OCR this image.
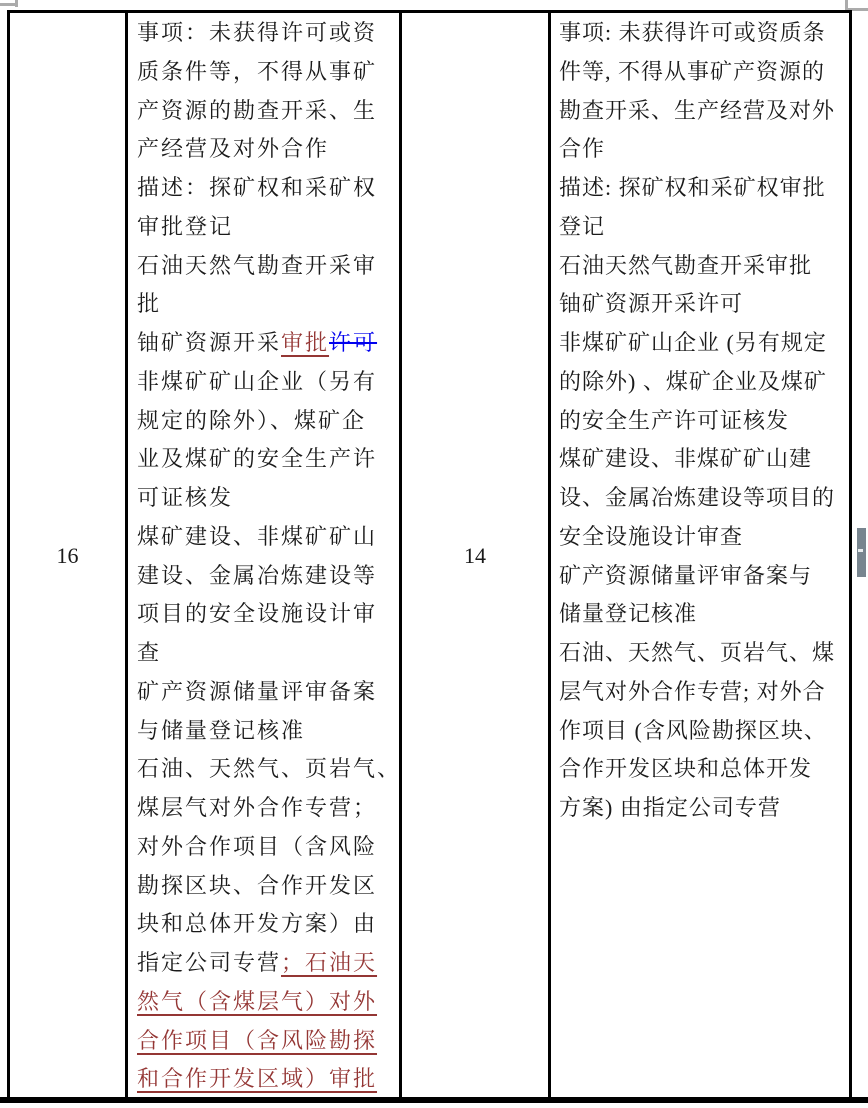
16
事项：未获得许可或资
质条件等，不得从事矿
产资源的勘查开采、生
产经营及对外合作
描述：探矿权和采矿权
审批登记
石油天然气勘查开采审
批
铀矿资源开采审批许可
非煤矿矿山企业（另有
规定的除外）、煤矿企
业及煤矿的安全生产许
可证核发
煤矿建设、非煤矿矿山
建设、金属冶炼建设等
项目的安全设施设计审
查
矿产资源储量评审备案
与储量登记核准
石油、天然气、页岩气、
煤层气对外合作专营；
对外合作项目（含风险
勘探区块、合作开发区
块和总体开发方案）由
指定公司专营；石油天
然气（含煤层气）对外
合作项目（含风险勘探
和合作开发区域）审批
14
事项: 未获得许可或资质条
件等, 不得从事矿产资源的
勘查开采、生产经营及对外
合作
描述: 探矿权和采矿权审批
登记
石油天然气勘查开采审批
铀矿资源开采许可
非煤矿矿山企业 (另有规定
的除外) 、煤矿企业及煤矿
的安全生产许可证核发
煤矿建设、非煤矿矿山建
设、金属冶炼建设等项目的
安全设施设计审查
矿产资源储量评审备案与
储量登记核准
石油、天然气、页岩气、煤
层气对外合作专营; 对外合
作项目 (含风险勘探区块、
合作开发区块和总体开发
方案) 由指定公司专营
